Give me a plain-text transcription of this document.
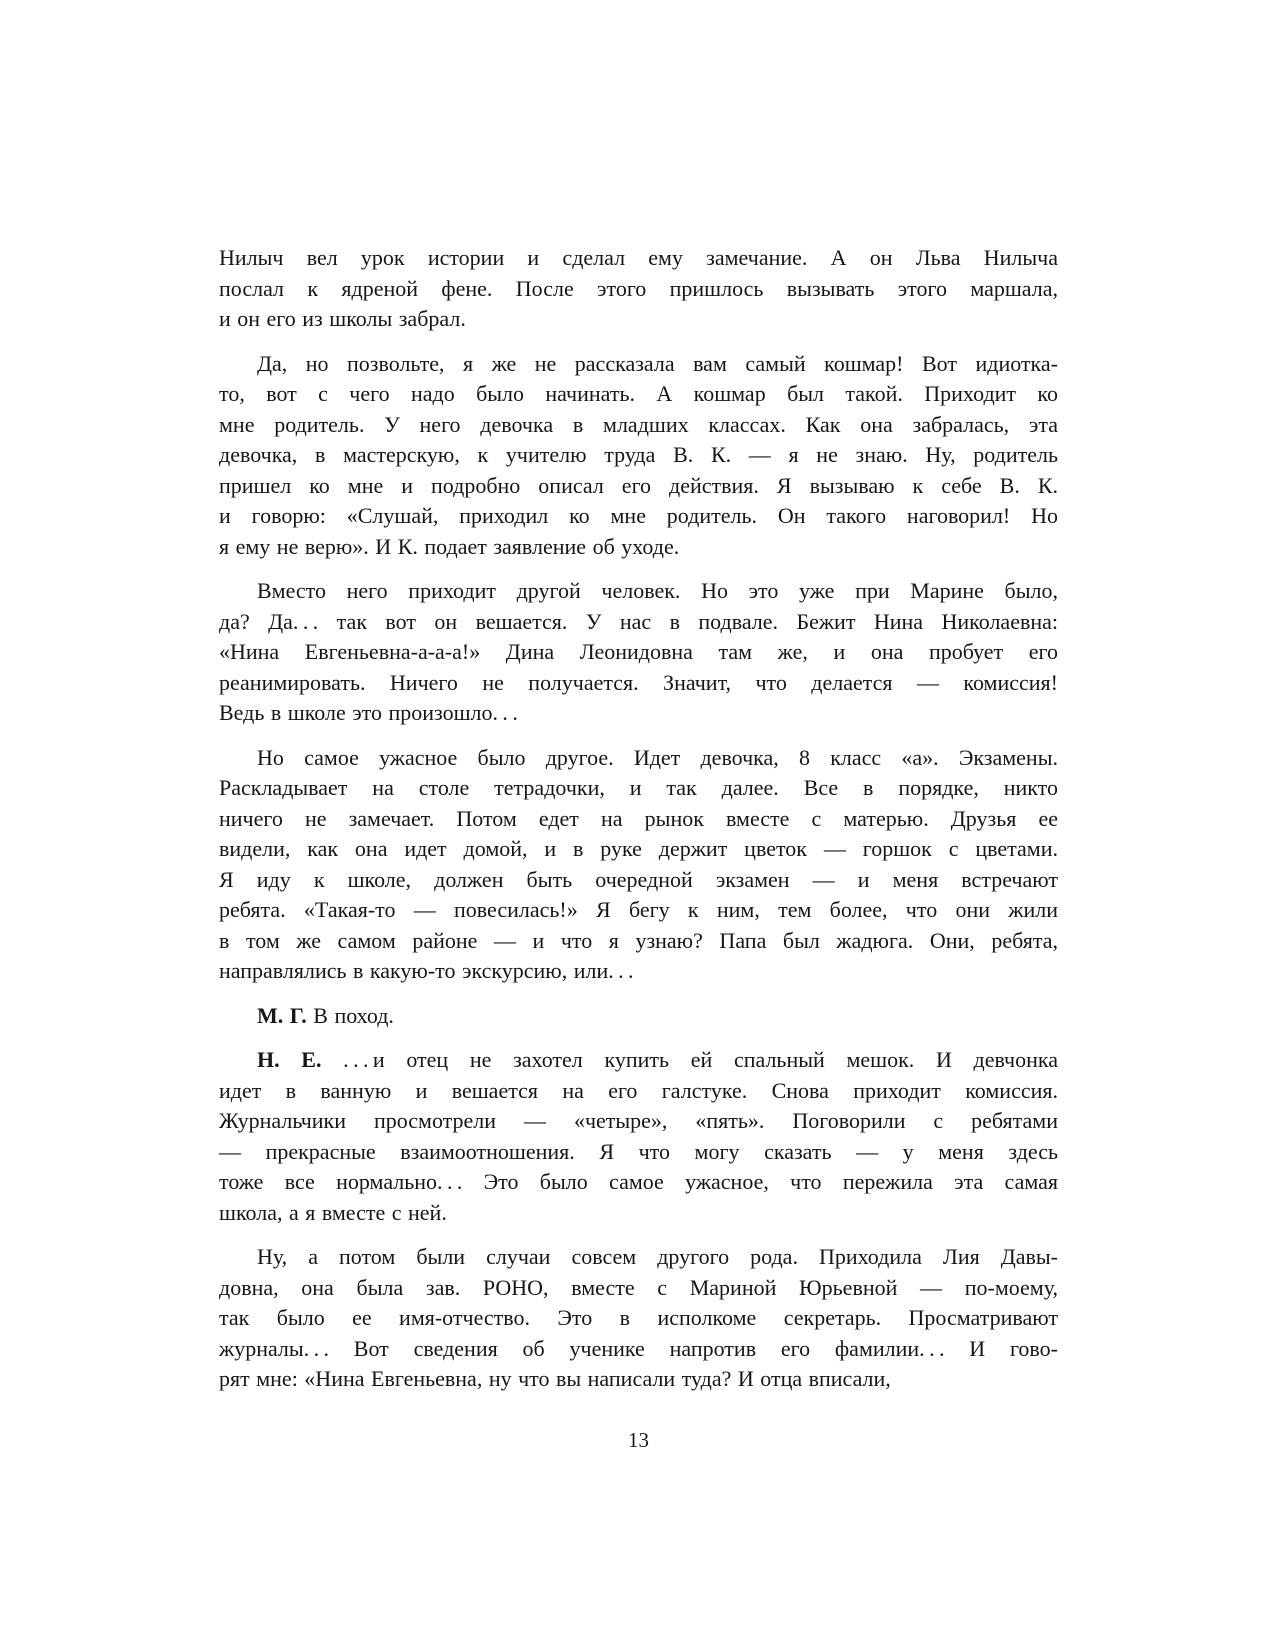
Нилыч вел урок истории и сделал ему замечание. А он Льва Нилыча
послал к ядреной фене. После этого пришлось вызывать этого маршала,
и он его из школы забрал.

Да, но позвольте, я же не рассказала вам самый кошмар! Вот идиотка-
то, вот с чего надо было начинать. А кошмар был такой. Приходит ко
мне родитель. У него девочка в младших классах. Как она забралась, эта
девочка, в мастерскую, к учителю труда В. К. — я не знаю. Ну, родитель
пришел ко мне и подробно описал его действия. Я вызываю к себе В. К.
и говорю: «Слушай, приходил ко мне родитель. Он такого наговорил! Но
я ему не верю». И К. подает заявление об уходе.

Вместо него приходит другой человек. Но это уже при Марине было,
да? Да. . . так вот он вешается. У нас в подвале. Бежит Нина Николаевна:
«Нина Евгеньевна-а-а-а!» Дина Леонидовна там же, и она пробует его
реанимировать. Ничего не получается. Значит, что делается — комиссия!
Ведь в школе это произошло. . .

Но самое ужасное было другое. Идет девочка, 8 класс «а». Экзамены.
Раскладывает на столе тетрадочки, и так далее. Все в порядке, никто
ничего не замечает. Потом едет на рынок вместе с матерью. Друзья ее
видели, как она идет домой, и в руке держит цветок — горшок с цветами.
Я иду к школе, должен быть очередной экзамен — и меня встречают
ребята. «Такая-то — повесилась!» Я бегу к ним, тем более, что они жили
в том же самом районе — и что я узнаю? Папа был жадюга. Они, ребята,
направлялись в какую-то экскурсию, или. . .

М. Г. В поход.

Н. Е. . . . и отец не захотел купить ей спальный мешок. И девчонка
идет в ванную и вешается на его галстуке. Снова приходит комиссия.
Журнальчики просмотрели — «четыре», «пять». Поговорили с ребятами
— прекрасные взаимоотношения. Я что могу сказать — у меня здесь
тоже все нормально. . . Это было самое ужасное, что пережила эта самая
школа, а я вместе с ней.

Ну, а потом были случаи совсем другого рода. Приходила Лия Давы-
довна, она была зав. РОНО, вместе с Мариной Юрьевной — по-моему,
так было ее имя-отчество. Это в исполкоме секретарь. Просматривают
журналы. . . Вот сведения об ученике напротив его фамилии. . . И гово-
рят мне: «Нина Евгеньевна, ну что вы написали туда? И отца вписали,

13
